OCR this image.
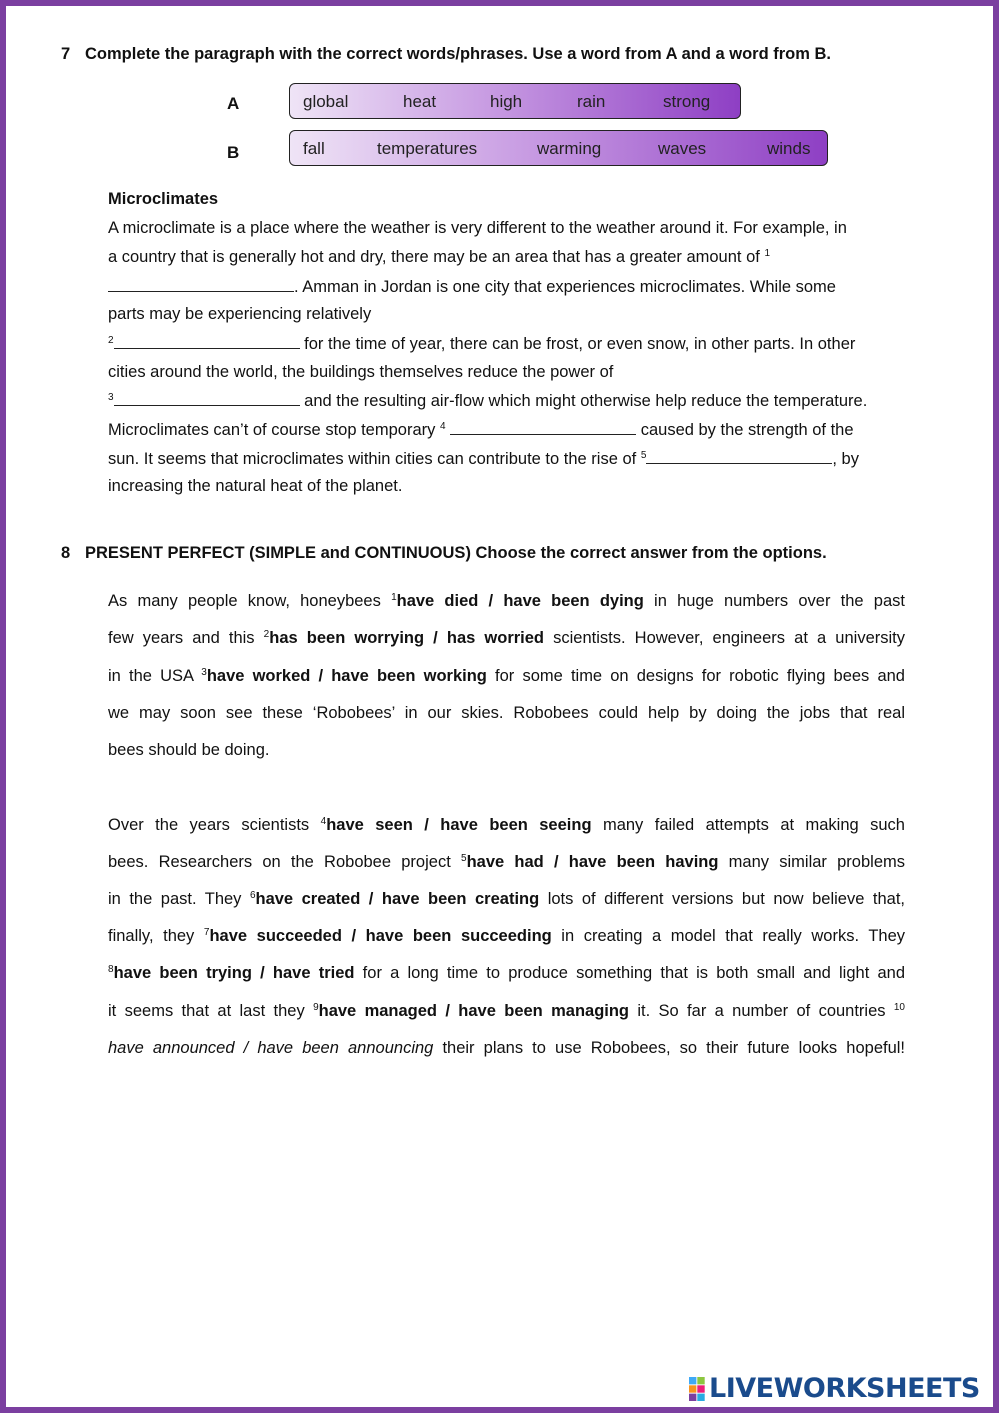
7 Complete the paragraph with the correct words/phrases. Use a word from A and a word from B.
A	global	heat	high	rain	strong
B	fall	temperatures	warming	waves	winds
Microclimates
A microclimate is a place where the weather is very different to the weather around it. For example, in
a country that is generally hot and dry, there may be an area that has a greater amount of $^1$
. Amman in Jordan is one city that experiences microclimates. While some
parts may be experiencing relatively
$^2$	for the time of year, there can be frost, or even snow, in other parts. In other
cities around the world, the buildings themselves reduce the power of
$^3$	and the resulting air-flow which might otherwise help reduce the temperature.
Microclimates can’t of course stop temporary $^4$	caused by the strength of the
sun. It seems that microclimates within cities can contribute to the rise of $^5$	, by
increasing the natural heat of the planet.
8 PRESENT PERFECT (SIMPLE and CONTINUOUS) Choose the correct answer from the options.
As many people know, honeybees $^1$have died / have been dying in huge numbers over the past
few years and this $^2$has been worrying / has worried scientists. However, engineers at a university
in the USA $^3$have worked / have been working for some time on designs for robotic flying bees and
we may soon see these ‘Robobees’ in our skies. Robobees could help by doing the jobs that real
bees should be doing.
Over the years scientists $^4$have seen / have been seeing many failed attempts at making such
bees. Researchers on the Robobee project $^5$have had / have been having many similar problems
in the past. They $^6$have created / have been creating lots of different versions but now believe that,
finally, they $^7$have succeeded / have been succeeding in creating a model that really works. They
$^8$have been trying / have tried for a long time to produce something that is both small and light and
it seems that at last they $^9$have managed / have been managing it. So far a number of countries $^{10}$
have announced / have been announcing their plans to use Robobees, so their future looks hopeful!
LIVEWORKSHEETS
